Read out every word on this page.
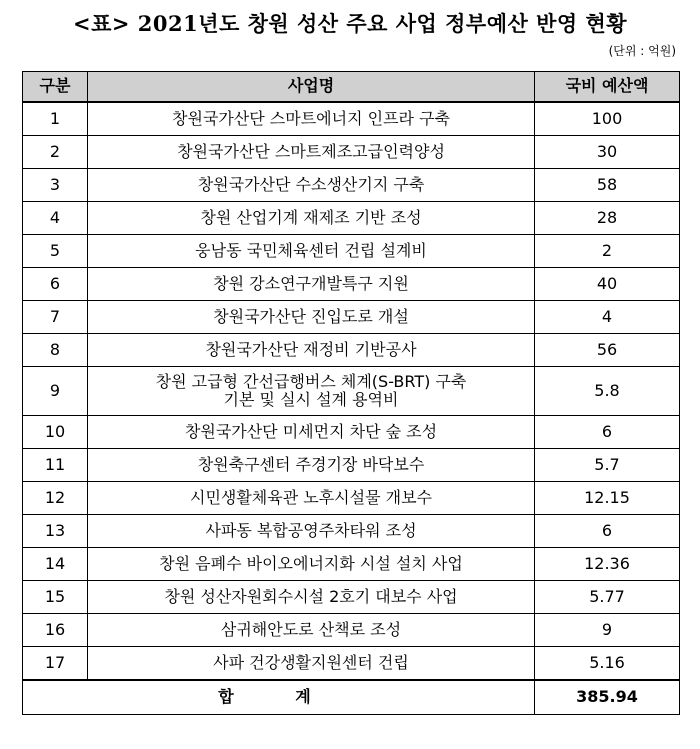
<표> 2021년도 창원 성산 주요 사업 정부예산 반영 현황
(단위 : 억원)
구분	사업명	국비 예산액
1	창원국가산단 스마트에너지 인프라 구축	100
2	창원국가산단 스마트제조고급인력양성	30
3	창원국가산단 수소생산기지 구축	58
4	창원 산업기계 재제조 기반 조성	28
5	웅남동 국민체육센터 건립 설계비	2
6	창원 강소연구개발특구 지원	40
7	창원국가산단 진입도로 개설	4
8	창원국가산단 재정비 기반공사	56
9	창원 고급형 간선급행버스 체계(S-BRT) 구축
기본 및 실시 설계 용역비	5.8
10	창원국가산단 미세먼지 차단 숲 조성	6
11	창원축구센터 주경기장 바닥보수	5.7
12	시민생활체육관 노후시설물 개보수	12.15
13	사파동 복합공영주차타워 조성	6
14	창원 음폐수 바이오에너지화 시설 설치 사업	12.36
15	창원 성산자원회수시설 2호기 대보수 사업	5.77
16	삼귀해안도로 산책로 조성	9
17	사파 건강생활지원센터 건립	5.16
합 계		385.94
